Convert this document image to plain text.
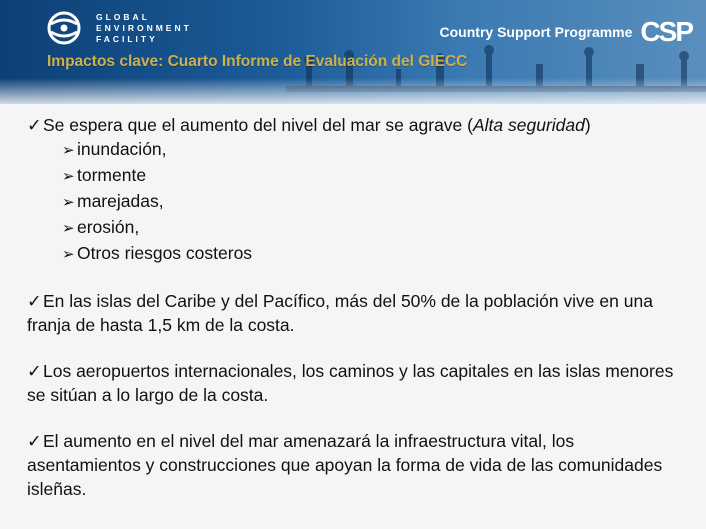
GLOBAL
ENVIRONMENT
FACILITY	Country Support Programme CSP
Impactos clave: Cuarto Informe de Evaluación del GIECC
✓Se espera que el aumento del nivel del mar se agrave (Alta seguridad)
➢ inundación,
➢ tormente
➢ marejadas,
➢ erosión,
➢ Otros riesgos costeros
✓En las islas del Caribe y del Pacífico, más del 50% de la población vive en una franja de hasta 1,5 km de la costa.
✓Los aeropuertos internacionales, los caminos y las capitales en las islas menores se sitúan a lo largo de la costa.
✓El aumento en el nivel del mar amenazará la infraestructura vital, los asentamientos y construcciones que apoyan la forma de vida de las comunidades isleñas.
